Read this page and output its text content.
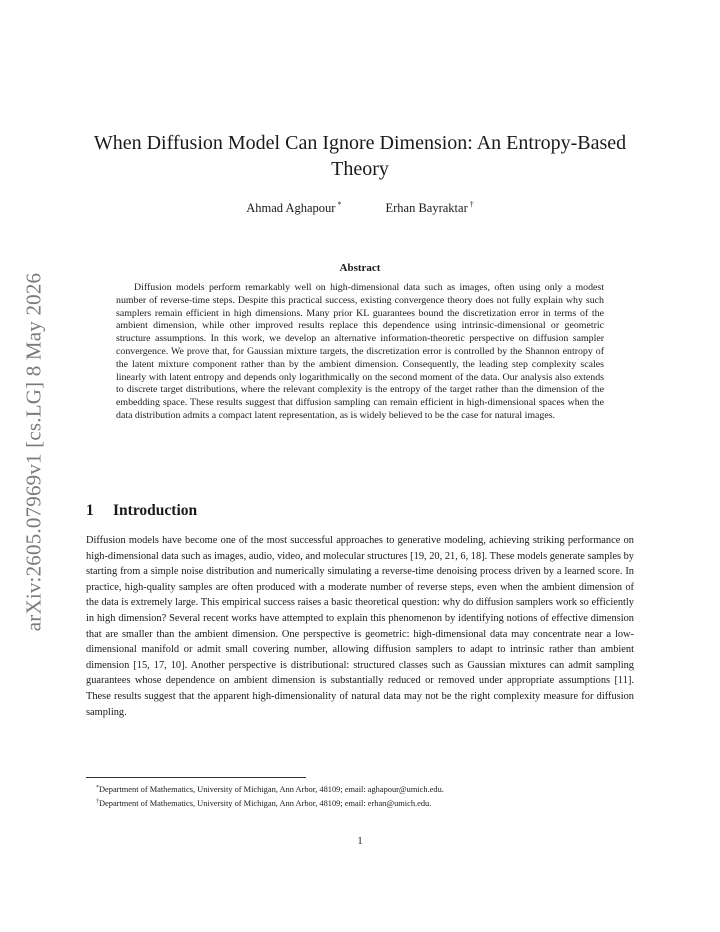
arXiv:2605.07969v1 [cs.LG] 8 May 2026
When Diffusion Model Can Ignore Dimension: An Entropy-Based Theory
Ahmad Aghapour *	Erhan Bayraktar †
Abstract

Diffusion models perform remarkably well on high-dimensional data such as images, often using only a modest number of reverse-time steps. Despite this practical success, existing convergence theory does not fully explain why such samplers remain efficient in high dimensions. Many prior KL guarantees bound the discretization error in terms of the ambient dimension, while other improved results replace this dependence using intrinsic-dimensional or geometric structure assumptions. In this work, we develop an alternative information-theoretic perspective on diffusion sampler convergence. We prove that, for Gaussian mixture targets, the discretization error is controlled by the Shannon entropy of the latent mixture component rather than by the ambient dimension. Consequently, the leading step complexity scales linearly with latent entropy and depends only logarithmically on the second moment of the data. Our analysis also extends to discrete target distributions, where the relevant complexity is the entropy of the target rather than the dimension of the embedding space. These results suggest that diffusion sampling can remain efficient in high-dimensional spaces when the data distribution admits a compact latent representation, as is widely believed to be the case for natural images.

1 Introduction

Diffusion models have become one of the most successful approaches to generative modeling, achieving striking performance on high-dimensional data such as images, audio, video, and molecular structures [19, 20, 21, 6, 18]. These models generate samples by starting from a simple noise distribution and numerically simulating a reverse-time denoising process driven by a learned score. In practice, high-quality samples are often produced with a moderate number of reverse steps, even when the ambient dimension of the data is extremely large. This empirical success raises a basic theoretical question: why do diffusion samplers work so efficiently in high dimension? Several recent works have attempted to explain this phenomenon by identifying notions of effective dimension that are smaller than the ambient dimension. One perspective is geometric: high-dimensional data may concentrate near a low-dimensional manifold or admit small covering number, allowing diffusion samplers to adapt to intrinsic rather than ambient dimension [15, 17, 10]. Another perspective is distributional: structured classes such as Gaussian mixtures can admit sampling guarantees whose dependence on ambient dimension is substantially reduced or removed under appropriate assumptions [11]. These results suggest that the apparent high-dimensionality of natural data may not be the right complexity measure for diffusion sampling.

*Department of Mathematics, University of Michigan, Ann Arbor, 48109; email: aghapour@umich.edu.
†Department of Mathematics, University of Michigan, Ann Arbor, 48109; email: erhan@umich.edu.
1
